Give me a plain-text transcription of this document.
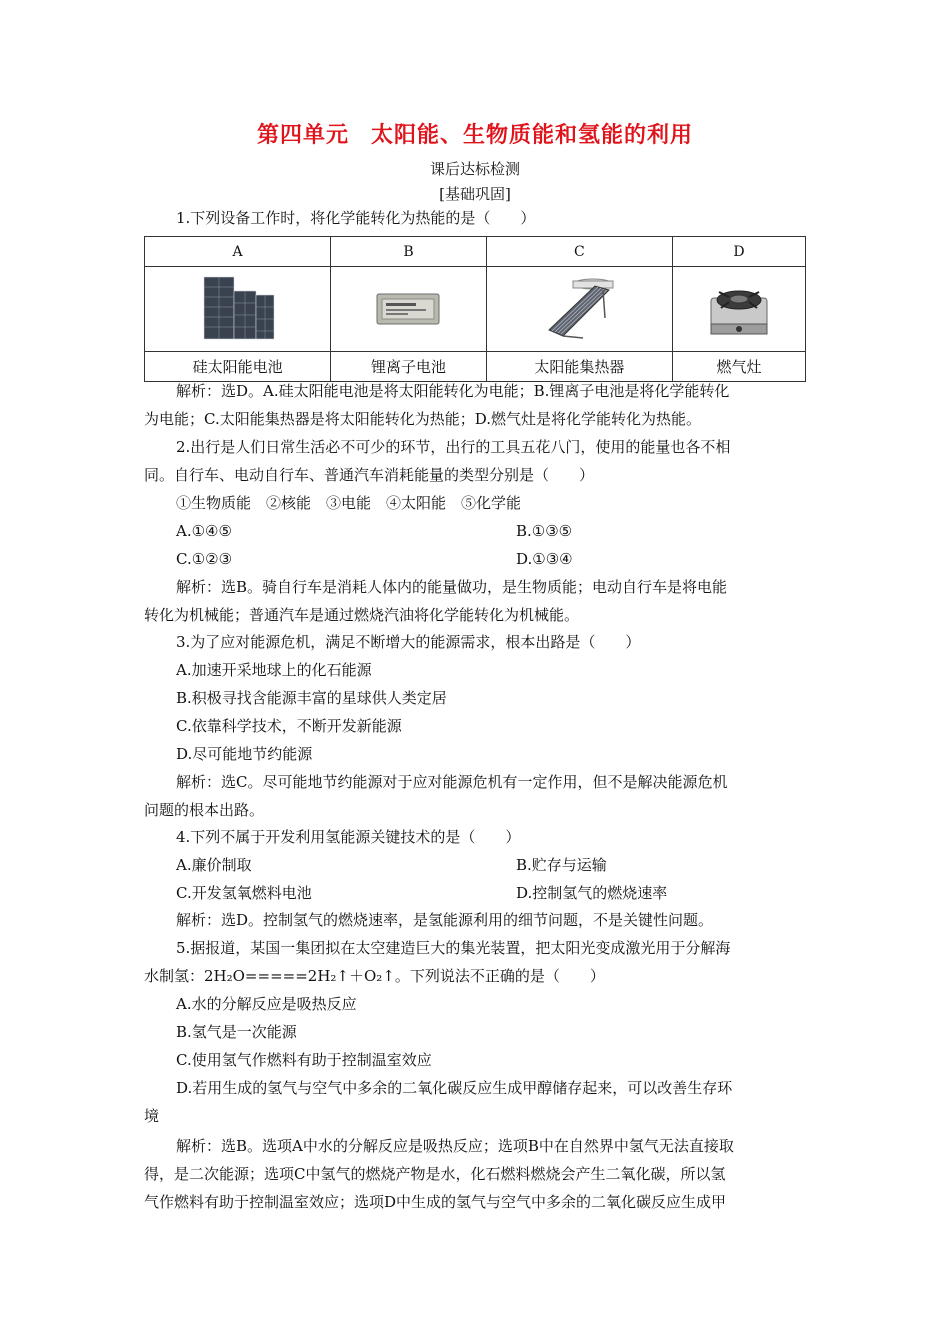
第四单元 太阳能、生物质能和氢能的利用
课后达标检测
[基础巩固]
1.下列设备工作时，将化学能转化为热能的是（　　）
A	B	C	D

硅太阳能电池	锂离子电池	太阳能集热器	燃气灶
解析：选D。A.硅太阳能电池是将太阳能转化为电能；B.锂离子电池是将化学能转化
为电能；C.太阳能集热器是将太阳能转化为热能；D.燃气灶是将化学能转化为热能。
2.出行是人们日常生活必不可少的环节，出行的工具五花八门，使用的能量也各不相
同。自行车、电动自行车、普通汽车消耗能量的类型分别是（　　）
①生物质能　②核能　③电能　④太阳能　⑤化学能
A.①④⑤	B.①③⑤
C.①②③	D.①③④
解析：选B。骑自行车是消耗人体内的能量做功，是生物质能；电动自行车是将电能
转化为机械能；普通汽车是通过燃烧汽油将化学能转化为机械能。
3.为了应对能源危机，满足不断增大的能源需求，根本出路是（　　）
A.加速开采地球上的化石能源
B.积极寻找含能源丰富的星球供人类定居
C.依靠科学技术，不断开发新能源
D.尽可能地节约能源
解析：选C。尽可能地节约能源对于应对能源危机有一定作用，但不是解决能源危机
问题的根本出路。
4.下列不属于开发利用氢能源关键技术的是（　　）
A.廉价制取	B.贮存与运输
C.开发氢氧燃料电池	D.控制氢气的燃烧速率
解析：选D。控制氢气的燃烧速率，是氢能源利用的细节问题，不是关键性问题。
5.据报道，某国一集团拟在太空建造巨大的集光装置，把太阳光变成激光用于分解海
水制氢：2H₂O=====2H₂↑＋O₂↑。下列说法不正确的是（　　）
A.水的分解反应是吸热反应
B.氢气是一次能源
C.使用氢气作燃料有助于控制温室效应
D.若用生成的氢气与空气中多余的二氧化碳反应生成甲醇储存起来，可以改善生存环
境
解析：选B。选项A中水的分解反应是吸热反应；选项B中在自然界中氢气无法直接取
得，是二次能源；选项C中氢气的燃烧产物是水，化石燃料燃烧会产生二氧化碳，所以氢
气作燃料有助于控制温室效应；选项D中生成的氢气与空气中多余的二氧化碳反应生成甲
